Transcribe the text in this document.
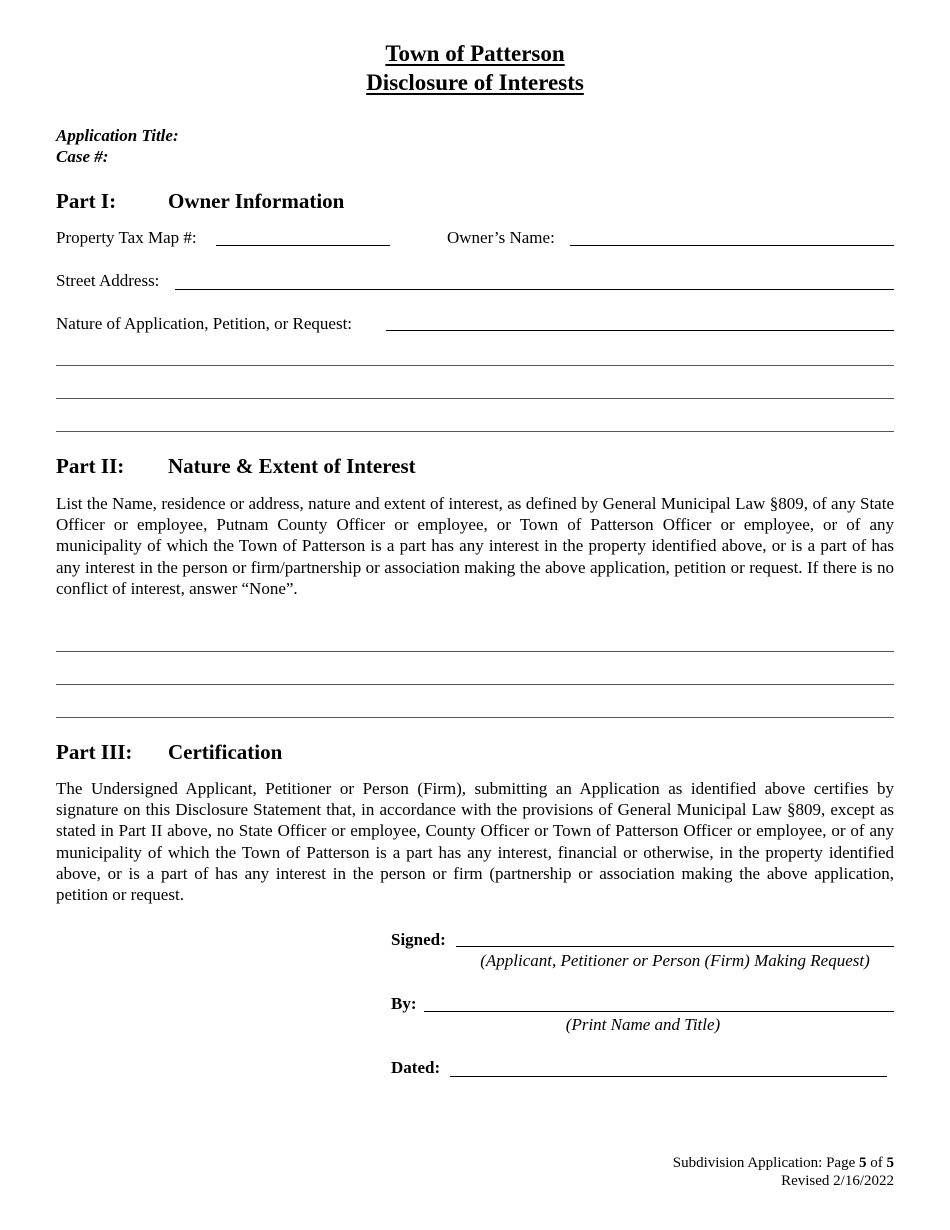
Town of Patterson
Disclosure of Interests
Application Title:
Case #:
Part I:	Owner Information
Property Tax Map #:	Owner’s Name:
Street Address:
Nature of Application, Petition, or Request:
Part II:	Nature & Extent of Interest
List the Name, residence or address, nature and extent of interest, as defined by General Municipal Law §809, of any State Officer or employee, Putnam County Officer or employee, or Town of Patterson Officer or employee, or of any municipality of which the Town of Patterson is a part has any interest in the property identified above, or is a part of has any interest in the person or firm/partnership or association making the above application, petition or request. If there is no conflict of interest, answer “None”.
Part III:	Certification
The Undersigned Applicant, Petitioner or Person (Firm), submitting an Application as identified above certifies by signature on this Disclosure Statement that, in accordance with the provisions of General Municipal Law §809, except as stated in Part II above, no State Officer or employee, County Officer or Town of Patterson Officer or employee, or of any municipality of which the Town of Patterson is a part has any interest, financial or otherwise, in the property identified above, or is a part of has any interest in the person or firm (partnership or association making the above application, petition or request.
Signed:
(Applicant, Petitioner or Person (Firm) Making Request)
By:
(Print Name and Title)
Dated:
Subdivision Application: Page 5 of 5
Revised 2/16/2022
